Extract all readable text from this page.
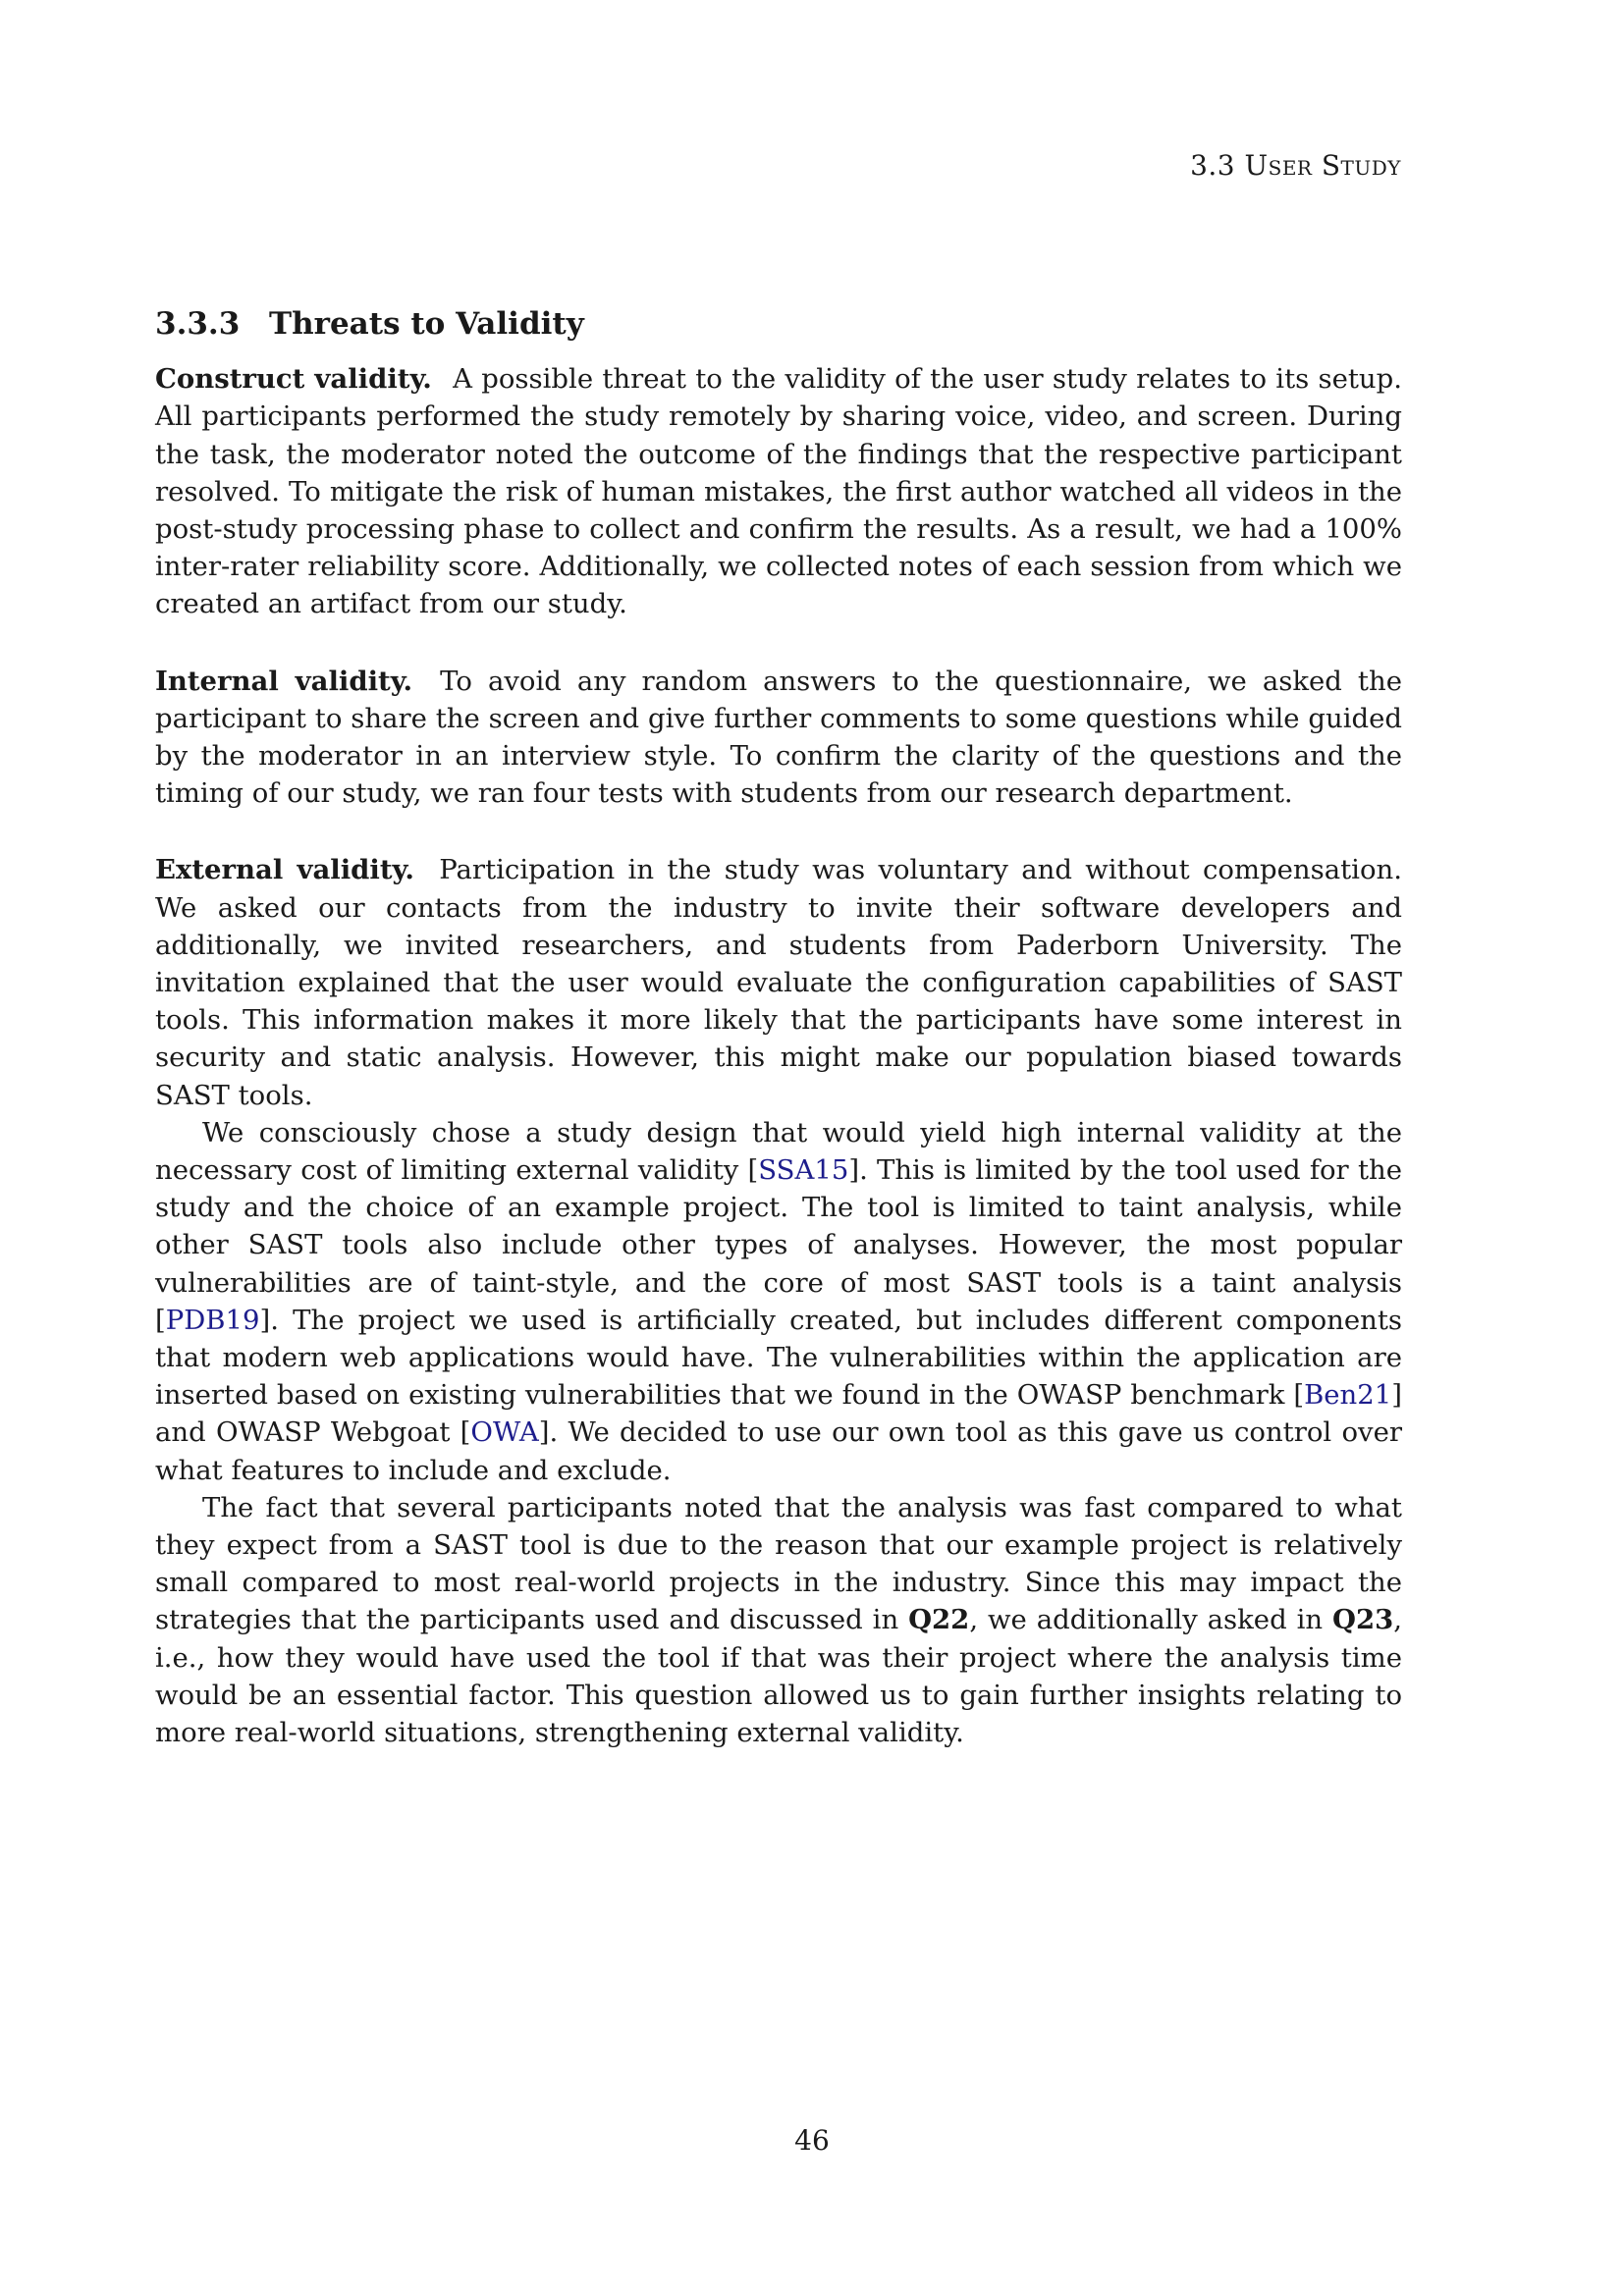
3.3 User Study
3.3.3 Threats to Validity

Construct validity. A possible threat to the validity of the user study relates to its setup. All participants performed the study remotely by sharing voice, video, and screen. During the task, the moderator noted the outcome of the findings that the respective participant resolved. To mitigate the risk of human mistakes, the first author watched all videos in the post-study processing phase to collect and confirm the results. As a result, we had a 100% inter-rater reliability score. Additionally, we collected notes of each session from which we created an artifact from our study.

Internal validity. To avoid any random answers to the questionnaire, we asked the participant to share the screen and give further comments to some questions while guided by the moderator in an interview style. To confirm the clarity of the questions and the timing of our study, we ran four tests with students from our research department.

External validity. Participation in the study was voluntary and without compensation. We asked our contacts from the industry to invite their software developers and additionally, we invited researchers, and students from Paderborn University. The invitation explained that the user would evaluate the configuration capabilities of SAST tools. This information makes it more likely that the participants have some interest in security and static analysis. However, this might make our population biased towards SAST tools.

We consciously chose a study design that would yield high internal validity at the necessary cost of limiting external validity [SSA15]. This is limited by the tool used for the study and the choice of an example project. The tool is limited to taint analysis, while other SAST tools also include other types of analyses. However, the most popular vulnerabilities are of taint-style, and the core of most SAST tools is a taint analysis [PDB19]. The project we used is artificially created, but includes different components that modern web applications would have. The vulnerabilities within the application are inserted based on existing vulnerabilities that we found in the OWASP benchmark [Ben21] and OWASP Webgoat [OWA]. We decided to use our own tool as this gave us control over what features to include and exclude.

The fact that several participants noted that the analysis was fast compared to what they expect from a SAST tool is due to the reason that our example project is relatively small compared to most real-world projects in the industry. Since this may impact the strategies that the participants used and discussed in Q22, we additionally asked in Q23, i.e., how they would have used the tool if that was their project where the analysis time would be an essential factor. This question allowed us to gain further insights relating to more real-world situations, strengthening external validity.

46
